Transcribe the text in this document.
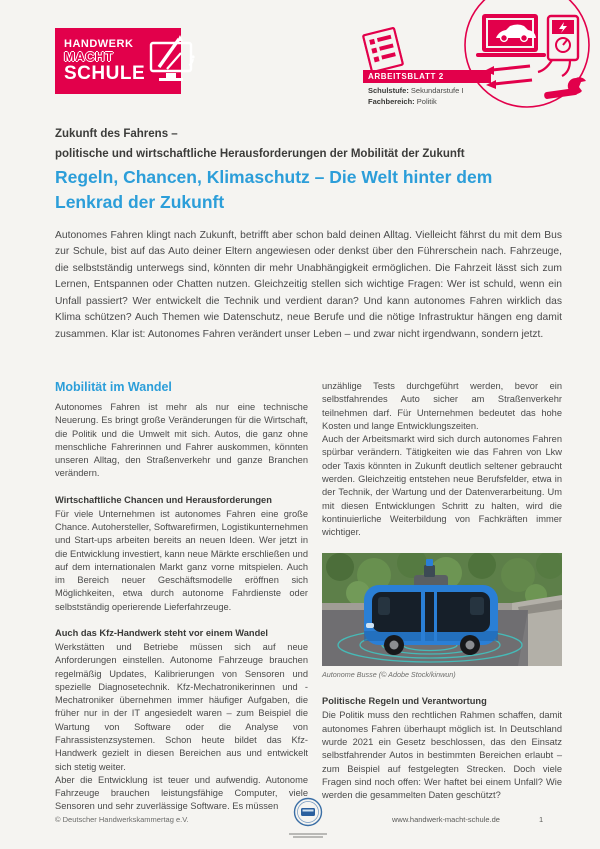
HANDWERK
MACHT
SCHULE	ARBEITSBLATT 2
Schulstufe: Sekundarstufe I
Fachbereich: Politik
Zukunft des Fahrens –
politische und wirtschaftliche Herausforderungen der Mobilität der Zukunft
Regeln, Chancen, Klimaschutz – Die Welt hinter dem Lenkrad der Zukunft
Autonomes Fahren klingt nach Zukunft, betrifft aber schon bald deinen Alltag. Vielleicht fährst du mit dem Bus zur Schule, bist auf das Auto deiner Eltern angewiesen oder denkst über den Führerschein nach. Fahrzeuge, die selbstständig unterwegs sind, könnten dir mehr Unabhängigkeit ermöglichen. Die Fahrzeit lässt sich zum Lernen, Entspannen oder Chatten nutzen. Gleichzeitig stellen sich wichtige Fragen: Wer ist schuld, wenn ein Unfall passiert? Wer entwickelt die Technik und verdient daran? Und kann autonomes Fahren wirklich das Klima schützen? Auch Themen wie Datenschutz, neue Berufe und die nötige Infrastruktur hängen eng damit zusammen. Klar ist: Autonomes Fahren verändert unser Leben – und zwar nicht irgendwann, sondern jetzt.
Mobilität im Wandel

Autonomes Fahren ist mehr als nur eine technische Neuerung. Es bringt große Veränderungen für die Wirtschaft, die Politik und die Umwelt mit sich. Autos, die ganz ohne menschliche Fahrerinnen und Fahrer auskommen, könnten unseren Alltag, den Straßenverkehr und ganze Branchen verändern.

Wirtschaftliche Chancen und Herausforderungen

Für viele Unternehmen ist autonomes Fahren eine große Chance. Autohersteller, Softwarefirmen, Logistikunternehmen und Start-ups arbeiten bereits an neuen Ideen. Wer jetzt in die Entwicklung investiert, kann neue Märkte erschließen und auf dem internationalen Markt ganz vorne mitspielen. Auch im Bereich neuer Geschäftsmodelle eröffnen sich Möglichkeiten, etwa durch autonome Fahrdienste oder selbstständig operierende Lieferfahrzeuge.

Auch das Kfz-Handwerk steht vor einem Wandel

Werkstätten und Betriebe müssen sich auf neue Anforderungen einstellen. Autonome Fahrzeuge brauchen regelmäßig Updates, Kalibrierungen von Sensoren und spezielle Diagnosetechnik. Kfz-Mechatronikerinnen und -Mechatroniker übernehmen immer häufiger Aufgaben, die früher nur in der IT angesiedelt waren – zum Beispiel die Wartung von Software oder die Analyse von Fahrassistenzsystemen. Schon heute bildet das Kfz-Handwerk gezielt in diesen Bereichen aus und entwickelt sich stetig weiter.

Aber die Entwicklung ist teuer und aufwendig. Autonome Fahrzeuge brauchen leistungsfähige Computer, viele Sensoren und sehr zuverlässige Software. Es müssen

unzählige Tests durchgeführt werden, bevor ein selbstfahrendes Auto sicher am Straßenverkehr teilnehmen darf. Für Unternehmen bedeutet das hohe Kosten und lange Entwicklungszeiten.

Auch der Arbeitsmarkt wird sich durch autonomes Fahren spürbar verändern. Tätigkeiten wie das Fahren von Lkw oder Taxis könnten in Zukunft deutlich seltener gebraucht werden. Gleichzeitig entstehen neue Berufsfelder, etwa in der Technik, der Wartung und der Datenverarbeitung. Um mit diesen Entwicklungen Schritt zu halten, wird die kontinuierliche Weiterbildung von Fachkräften immer wichtiger.

Autonome Busse (© Adobe Stock/kinwun)
Politische Regeln und Verantwortung

Die Politik muss den rechtlichen Rahmen schaffen, damit autonomes Fahren überhaupt möglich ist. In Deutschland wurde 2021 ein Gesetz beschlossen, das den Einsatz selbstfahrender Autos in bestimmten Bereichen erlaubt – zum Beispiel auf festgelegten Strecken. Doch viele Fragen sind noch offen: Wer haftet bei einem Unfall? Wie werden die gesammelten Daten geschützt?

© Deutscher Handwerkskammertag e.V.	www.handwerk-macht-schule.de	1
